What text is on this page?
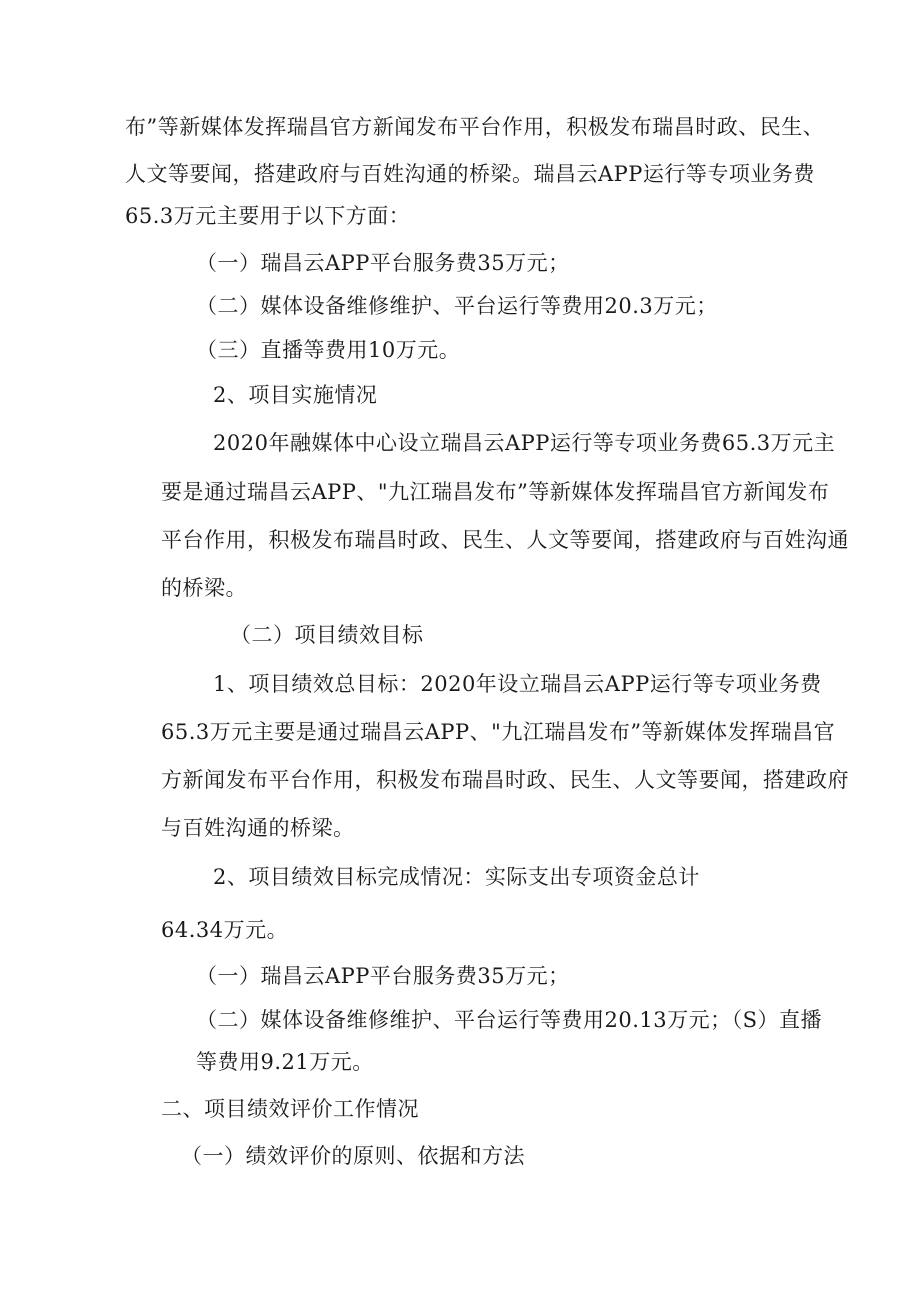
布”等新媒体发挥瑞昌官方新闻发布平台作用，积极发布瑞昌时政、民生、
人文等要闻，搭建政府与百姓沟通的桥梁。瑞昌云APP运行等专项业务费
65.3万元主要用于以下方面：
（一）瑞昌云APP平台服务费35万元；
（二）媒体设备维修维护、平台运行等费用20.3万元；
（三）直播等费用10万元。
2、项目实施情况
2020年融媒体中心设立瑞昌云APP运行等专项业务费65.3万元主
要是通过瑞昌云APP、"九江瑞昌发布”等新媒体发挥瑞昌官方新闻发布
平台作用，积极发布瑞昌时政、民生、人文等要闻，搭建政府与百姓沟通
的桥梁。
（二）项目绩效目标
1、项目绩效总目标：2020年设立瑞昌云APP运行等专项业务费
65.3万元主要是通过瑞昌云APP、"九江瑞昌发布”等新媒体发挥瑞昌官
方新闻发布平台作用，积极发布瑞昌时政、民生、人文等要闻，搭建政府
与百姓沟通的桥梁。
2、项目绩效目标完成情况：实际支出专项资金总计
64.34万元。
（一）瑞昌云APP平台服务费35万元；
（二）媒体设备维修维护、平台运行等费用20.13万元；（S）直播
等费用9.21万元。
二、项目绩效评价工作情况
（一）绩效评价的原则、依据和方法
